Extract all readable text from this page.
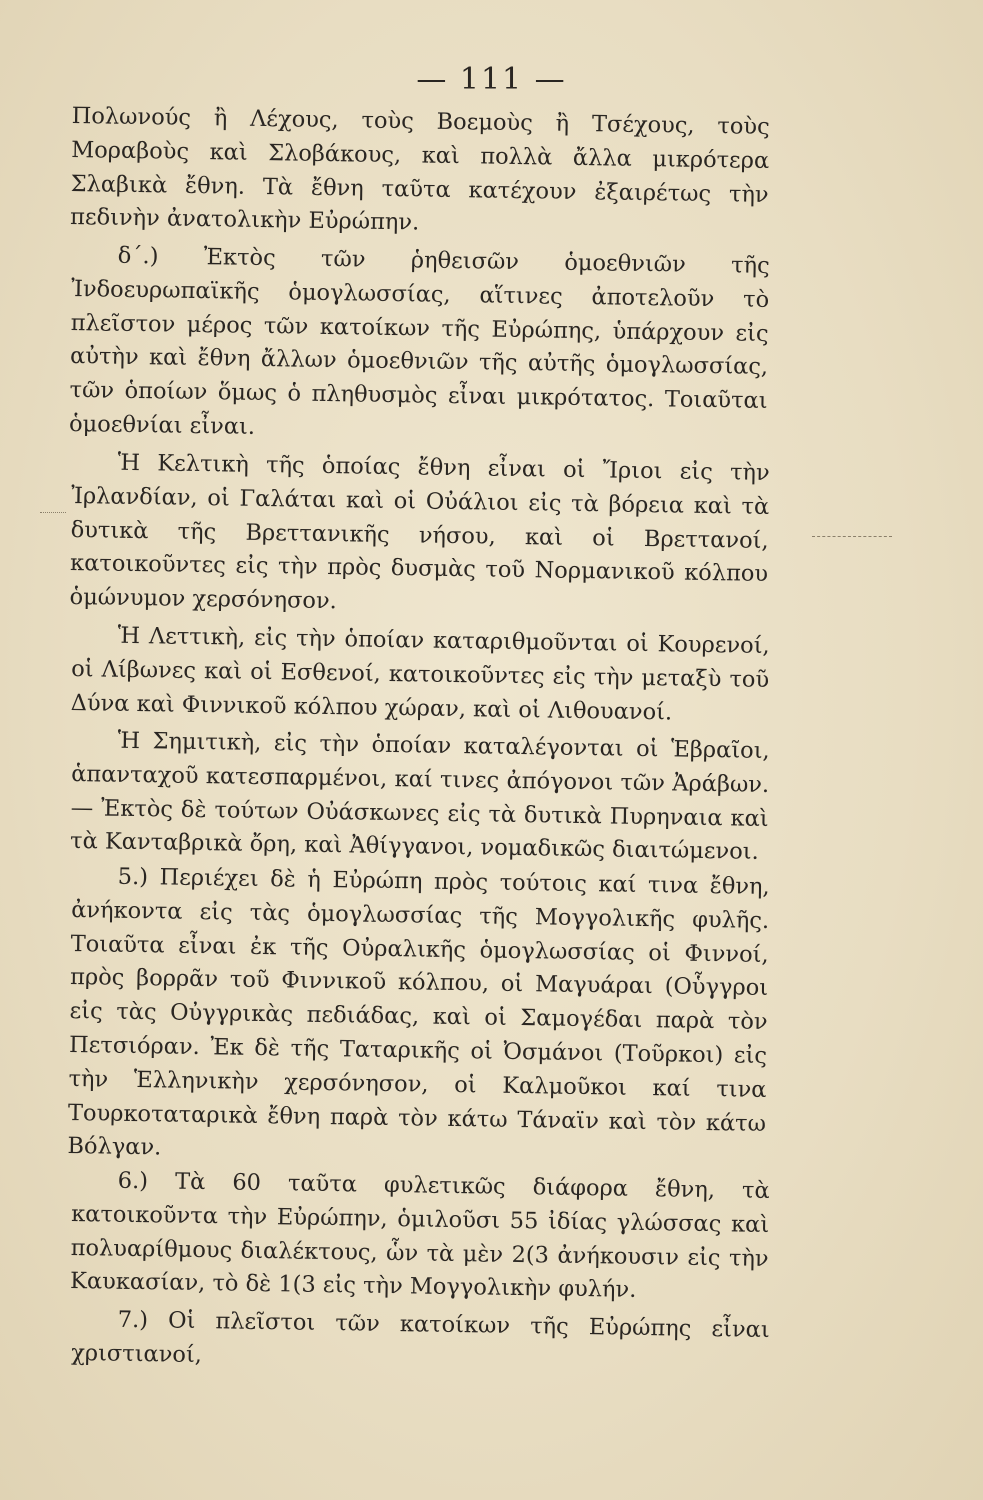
— 111 —

Πολωνούς ἢ Λέχους, τοὺς Βοεμοὺς ἢ Τσέχους, τοὺς Μοραβοὺς καὶ Σλοβάκους, καὶ πολλὰ ἄλλα μικρότερα Σλαβικὰ ἔθνη. Τὰ ἔθνη ταῦτα κατέχουν ἐξαιρέτως τὴν πεδινὴν ἀνατολικὴν Εὐρώπην.

δ΄.) Ἐκτὸς τῶν ῥηθεισῶν ὁμοεθνιῶν τῆς Ἰνδοευρωπαϊκῆς ὁμογλωσσίας, αἵτινες ἀποτελοῦν τὸ πλεῖστον μέρος τῶν κατοίκων τῆς Εὐρώπης, ὑπάρχουν εἰς αὐτὴν καὶ ἔθνη ἄλλων ὁμοεθνιῶν τῆς αὐτῆς ὁμογλωσσίας, τῶν ὁποίων ὅμως ὁ πληθυσμὸς εἶναι μικρότατος. Τοιαῦται ὁμοεθνίαι εἶναι.

Ἡ Κελτικὴ τῆς ὁποίας ἔθνη εἶναι οἱ Ἴριοι εἰς τὴν Ἰρλανδίαν, οἱ Γαλάται καὶ οἱ Οὐάλιοι εἰς τὰ βόρεια καὶ τὰ δυτικὰ τῆς Βρεττανικῆς νήσου, καὶ οἱ Βρεττανοί, κατοικοῦντες εἰς τὴν πρὸς δυσμὰς τοῦ Νορμανικοῦ κόλπου ὁμώνυμον χερσόνησον.

Ἡ Λεττικὴ, εἰς τὴν ὁποίαν καταριθμοῦνται οἱ Κουρενοί, οἱ Λίβωνες καὶ οἱ Εσθενοί, κατοικοῦντες εἰς τὴν μεταξὺ τοῦ Δύνα καὶ Φιννικοῦ κόλπου χώραν, καὶ οἱ Λιθουανοί.

Ἡ Σημιτικὴ, εἰς τὴν ὁποίαν καταλέγονται οἱ Ἑβραῖοι, ἁπανταχοῦ κατεσπαρμένοι, καί τινες ἀπόγονοι τῶν Ἀράβων.— Ἐκτὸς δὲ τούτων Οὐάσκωνες εἰς τὰ δυτικὰ Πυρηναια καὶ τὰ Κανταβρικὰ ὄρη, καὶ Ἀθίγγανοι, νομαδικῶς διαιτώμενοι.

5.) Περιέχει δὲ ἡ Εὐρώπη πρὸς τούτοις καί τινα ἔθνη, ἀνήκοντα εἰς τὰς ὁμογλωσσίας τῆς Μογγολικῆς φυλῆς. Τοιαῦτα εἶναι ἐκ τῆς Οὐραλικῆς ὁμογλωσσίας οἱ Φιννοί, πρὸς βορρᾶν τοῦ Φιννικοῦ κόλπου, οἱ Μαγυάραι (Οὗγγροι εἰς τὰς Οὐγγρικὰς πεδιάδας, καὶ οἱ Σαμογέδαι παρὰ τὸν Πετσιόραν. Ἐκ δὲ τῆς Ταταρικῆς οἱ Ὀσμάνοι (Τοῦρκοι) εἰς τὴν Ἑλληνικὴν χερσόνησον, οἱ Καλμοῦκοι καί τινα Τουρκοταταρικὰ ἔθνη παρὰ τὸν κάτω Τάναϊν καὶ τὸν κάτω Βόλγαν.

6.) Τὰ 60 ταῦτα φυλετικῶς διάφορα ἔθνη, τὰ κατοικοῦντα τὴν Εὐρώπην, ὁμιλοῦσι 55 ἰδίας γλώσσας καὶ πολυαρίθμους διαλέκτους, ὧν τὰ μὲν 2(3 ἀνήκουσιν εἰς τὴν Καυκασίαν, τὸ δὲ 1(3 εἰς τὴν Μογγολικὴν φυλήν.

7.) Οἱ πλεῖστοι τῶν κατοίκων τῆς Εὐρώπης εἶναι χριστιανοί,
